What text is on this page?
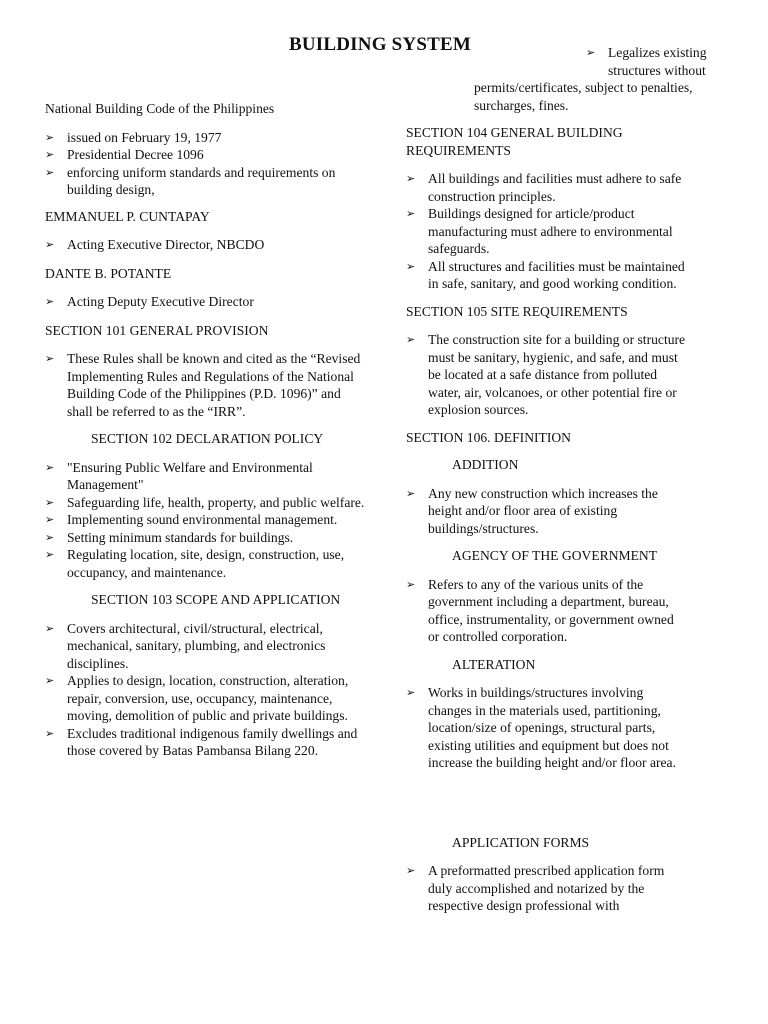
BUILDING SYSTEM

National Building Code of the Philippines

➢ issued on February 19, 1977
➢ Presidential Decree 1096
➢ enforcing uniform standards and requirements on building design,

EMMANUEL P. CUNTAPAY

➢ Acting Executive Director, NBCDO

DANTE B. POTANTE

➢ Acting Deputy Executive Director

SECTION 101 GENERAL PROVISION

➢ These Rules shall be known and cited as the “Revised Implementing Rules and Regulations of the National Building Code of the Philippines (P.D. 1096)” and shall be referred to as the “IRR”.

SECTION 102 DECLARATION POLICY

➢ "Ensuring Public Welfare and Environmental Management"
➢ Safeguarding life, health, property, and public welfare.
➢ Implementing sound environmental management.
➢ Setting minimum standards for buildings.
➢ Regulating location, site, design, construction, use, occupancy, and maintenance.

SECTION 103 SCOPE AND APPLICATION

➢ Covers architectural, civil/structural, electrical, mechanical, sanitary, plumbing, and electronics disciplines.
➢ Applies to design, location, construction, alteration, repair, conversion, use, occupancy, maintenance, moving, demolition of public and private buildings.
➢ Excludes traditional indigenous family dwellings and those covered by Batas Pambansa Bilang 220.
➢ Legalizes existing
structures without
permits/certificates, subject to penalties, surcharges, fines.

SECTION 104 GENERAL BUILDING

REQUIREMENTS

➢ All buildings and facilities must adhere to safe construction principles.
➢ Buildings designed for article/product manufacturing must adhere to environmental safeguards.
➢ All structures and facilities must be maintained in safe, sanitary, and good working condition.

SECTION 105 SITE REQUIREMENTS

➢ The construction site for a building or structure must be sanitary, hygienic, and safe, and must be located at a safe distance from polluted water, air, volcanoes, or other potential fire or explosion sources.

SECTION 106. DEFINITION

ADDITION

➢ Any new construction which increases the height and/or floor area of existing buildings/structures.

AGENCY OF THE GOVERNMENT

➢ Refers to any of the various units of the government including a department, bureau, office, instrumentality, or government owned or controlled corporation.

ALTERATION

➢ Works in buildings/structures involving changes in the materials used, partitioning, location/size of openings, structural parts, existing utilities and equipment but does not increase the building height and/or floor area.

APPLICATION FORMS

➢ A preformatted prescribed application form duly accomplished and notarized by the respective design professional with
